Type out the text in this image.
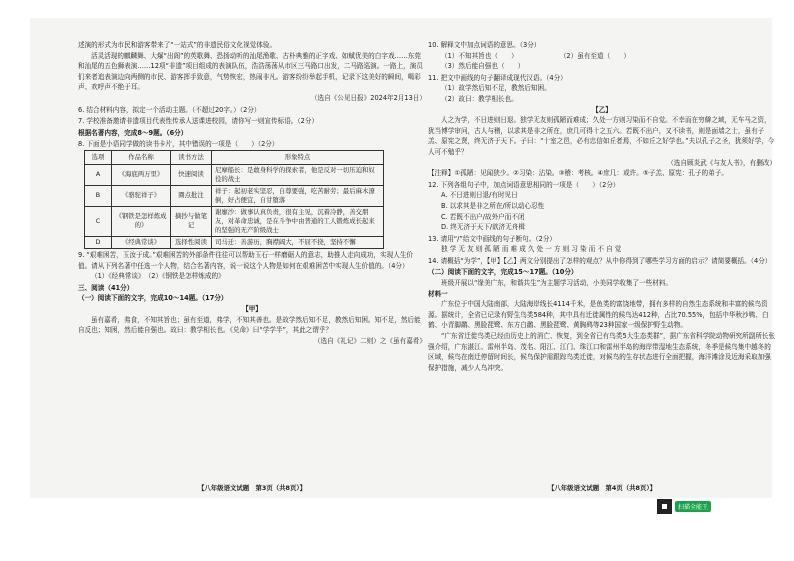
述演的形式为市民和游客带来了“一站式”的非遗民俗文化视觉体验。

活灵活现的麒麟舞、大爆“出阁”的英歌舞、恐扬动听的汕尾渔歌、古朴典雅的正字戏、如赋优美的白字戏……东莞和汕尾的五色狮表演……12项“非遗”项目组成的表演队伍，浩浩荡荡从市区三马路口出发，二马路巡演。一路上，演员们来者追表演边向两侧的市民、游客挥手致意，气势恢宏，热闹非凡。游客纷纷举起手机，记录下这美好的瞬间，喝彩声、欢呼声不绝于耳。

（选自《公见日报》2024年2月13日）

6. 结合材料内容，拟定一个活动主题。（不超过20字。）（2分）

7. 学校准备邀请非遗项目代表性传承人送课进校园，请你写一则宣传标语。（2分）

根据名著内容，完成8～9题。（6分）

8. 下面是小语同学做的读书卡片，其中错误的一项是（　　）（2分）

选项	作品名称	读书方法	形象特点
A	《海底两万里》	快速阅读	尼摩船长：是敢身科学的探索者，他是反对一切压迫和奴役的战士
B	《骆驼祥子》	圈点批注	祥子：起初老实坚忍，自尊要强，吃苦耐劳；最后麻木潦倒，好占便宜，自甘堕落
C	《钢铁是怎样炼成的》	摘抄与做笔记	谢廖沙：做事认真负责，很有主见，沉着冷静，善交朋友，对革命忠诚，是在斗争中由普通的工人锻炼成长起来的坚强的无产阶级战士
D	《经典常谈》	选择性阅读	司马迁：善游历，胸襟阔大，不屈不挠，坚持不懈

9. “艰难困苦，玉汝于成。”艰难困苦的外部条件往往可以帮助玉石一样磨砺人的意志，助推人走向成功，实现人生价值。请从下列名著中任选一个人物，结合名著内容，说一说这个人物是如何在艰难困苦中实现人生价值的。（4分）

（1）《经典常谈》　（2）《钢铁是怎样炼成的》

三、阅读（41分）

（一）阅读下面的文字，完成10～14题。（17分）

【甲】

虽有嘉肴，弗食，不知其旨也；虽有至道，弗学，不知其善也。是故学然后知不足，教然后知困。知不足，然后能自反也；知困，然后能自强也。故曰：教学相长也。《兑命》曰“学学半”，其此之谓乎？

（选自《礼记》二则）之《虽有嘉肴》

【八年级语文试题　第3页（共8页）】

10. 解释文中加点词语的意思。（3分）

（1）不知其旨也（　　）	（2）虽有至道（　　）

（3）然后能自强也（　　）

11. 把文中画线的句子翻译成现代汉语。（4分）

（1）故学然后知不足，教然后知困。

（2）故曰：教学相长也。

【乙】

人之为学，不日进则日退。独学无友则孤陋而难成；久处一方则习染而不自觉。不幸而在穷僻之域，无车马之资，犹当博学审问，古人与稽，以求其是非之所在，庶几可得十之五六。若既不出户，又不读书，则是面墙之士，虽有子羔、原宪之贤，终无济于天下。子曰：“十室之邑，必有忠信如丘者焉，不如丘之好学也。”夫以孔子之圣，犹须好学，今人可不勉乎？

（选自顾炎武《与友人书》，有删改）

【注释】①孤陋：见闻狭少。②习染：沾染。③稽：考核。④庶几：或许。⑤子羔、原宪：孔子的弟子。

12. 下列各组句子中，加点词语意思相同的一项是（　　）（2分）

A. 不日进则日退/有时见日

B. 以求其是非之所在/所以动心忍性

C. 若既不出户/故外户而不闭

D. 终无济于天下/欲济无舟楫

13. 请用“/”给文中画线的句子断句。（2分）

独 学 无 友 则 孤 陋 而 难 成 久 处 一 方 则 习 染 而 不 自 觉

14. 请概括“为学”，【甲】【乙】两文分别提出了怎样的观点？从中你得到了哪些学习方面的启示？请简要概括。（4分）

（二）阅读下面的文字，完成15～17题。（10分）

班级开展以“缘美广东，和谐共生”为主题学习活动，小美同学收集了一些材料。

材料一

广东位于中国大陆南部，大陆海岸线长4114千米，是鱼类的富饶地带，拥有多样的自然生态系统和丰富的候鸟资源。据统计，全省已记录有野生鸟类584种，其中具有迁徙属性的候鸟达412种，占比70.55%，包括中华秋沙鸭、白鹤、小青脚鹬、黑脸琵鹭、东方白鹳、黑脸琵鹭、黄胸鹀等23种国家一级保护野生动物。

“广东省迁徙鸟类已经由历史上的消亡、恢复，到全省已有鸟类5大生态类群”，据广东省科学院动物研究所副所长张强介绍，广东湛江、雷州半岛、茂名、阳江、江门、珠江口和雷州半岛的海岸带湿地生态系统，冬季是候鸟集中越冬的区域，候鸟在南迁停留时间长，候鸟保护需跟踪鸟类迁徙，对候鸟的生存状态进行全面把握，海洋滩涂及近海采取加强保护措施，减少人鸟冲突。

【八年级语文试题　第4页（共8页）】
扫描全能王
